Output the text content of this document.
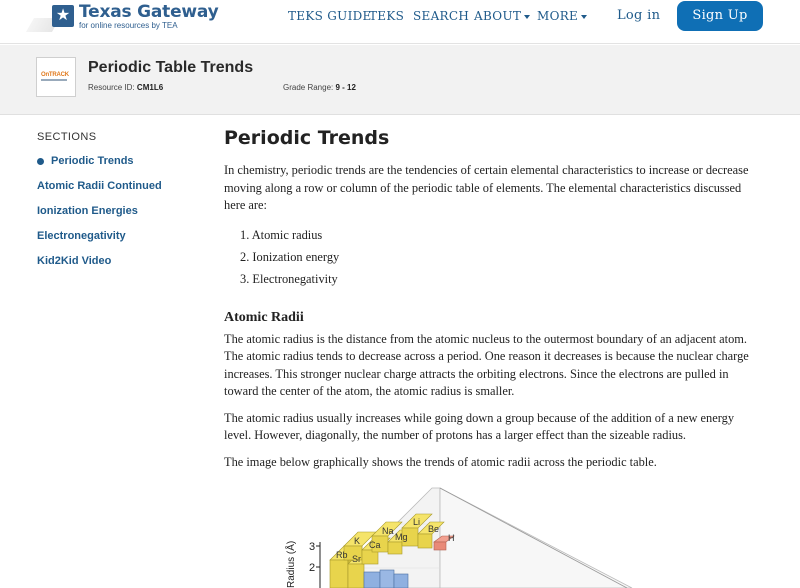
★ Texas Gateway
for online resources by TEA
TEKS GUIDE
TEKS SEARCH ABOUT	MORE	Log in	Sign Up
OnTRACK Periodic Table Trends
Resource ID: CM1L6	Grade Range: 9 - 12
SECTIONS
Periodic Trends
Atomic Radii Continued
Ionization Energies
Electronegativity
Kid2Kid Video
Periodic Trends

In chemistry, periodic trends are the tendencies of certain elemental characteristics to increase or decrease moving along a row or column of the periodic table of elements. The elemental characteristics discussed here are:

1. Atomic radius
2. Ionization energy
3. Electronegativity
Atomic Radii

The atomic radius is the distance from the atomic nucleus to the outermost boundary of an adjacent atom. The atomic radius tends to decrease across a period. One reason it decreases is because the nuclear charge increases. This stronger nuclear charge attracts the orbiting electrons. Since the electrons are pulled in toward the center of the atom, the atomic radius is smaller.

The atomic radius usually increases while going down a group because of the addition of a new energy level. However, diagonally, the number of protons has a larger effect than the sizeable radius.

The image below graphically shows the trends of atomic radii across the periodic table.

3
2
Radius (Å)
H
Li
Be
Na
Mg
K Ca
Rb Sr
